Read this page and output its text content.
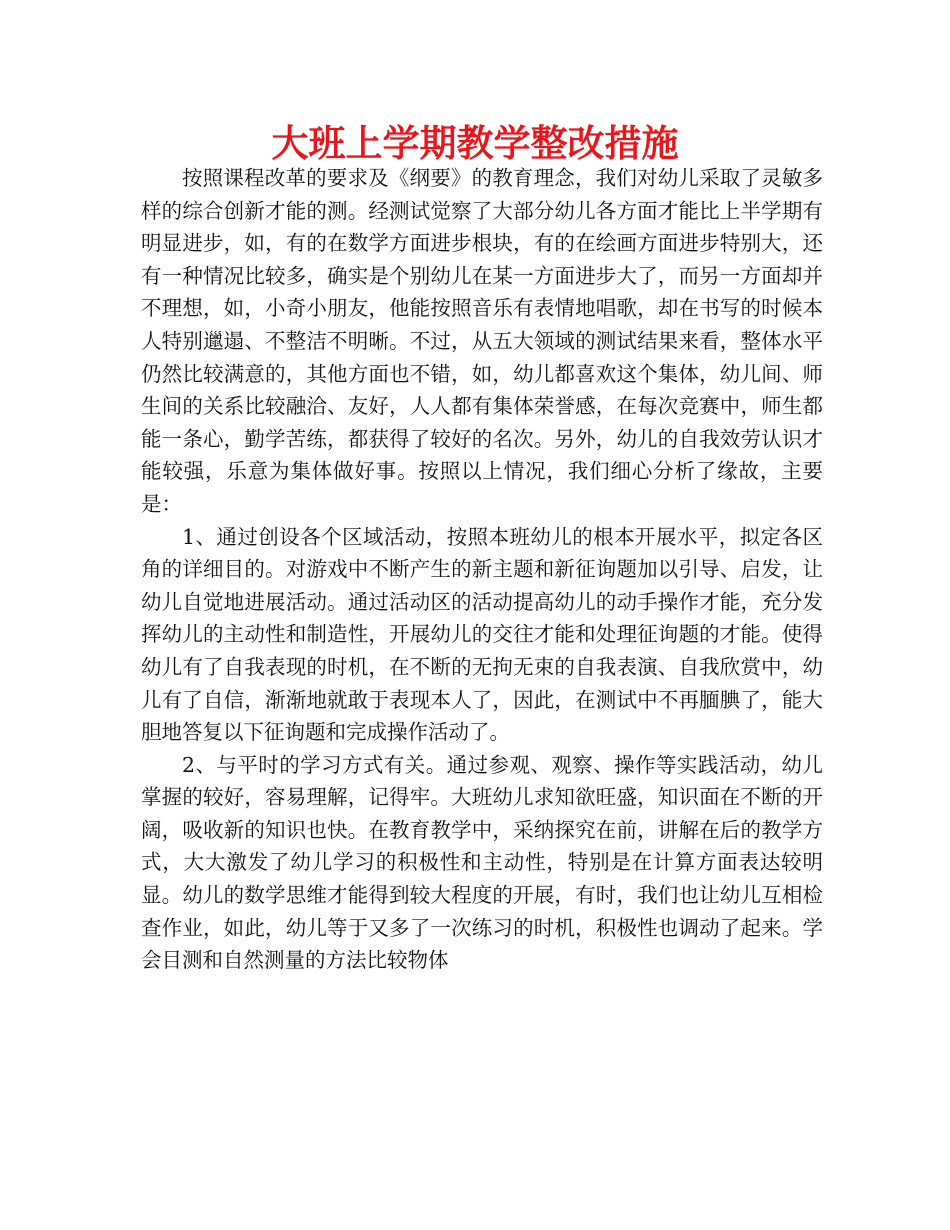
大班上学期教学整改措施

按照课程改革的要求及《纲要》的教育理念，我们对幼儿采取了灵敏多样的综合创新才能的测。经测试觉察了大部分幼儿各方面才能比上半学期有明显进步，如，有的在数学方面进步根块，有的在绘画方面进步特别大，还有一种情况比较多，确实是个别幼儿在某一方面进步大了，而另一方面却并不理想，如，小奇小朋友，他能按照音乐有表情地唱歌，却在书写的时候本人特别邋遢、不整洁不明晰。不过，从五大领域的测试结果来看，整体水平仍然比较满意的，其他方面也不错，如，幼儿都喜欢这个集体，幼儿间、师生间的关系比较融洽、友好，人人都有集体荣誉感，在每次竞赛中，师生都能一条心，勤学苦练，都获得了较好的名次。另外，幼儿的自我效劳认识才能较强，乐意为集体做好事。按照以上情况，我们细心分析了缘故，主要是：

1、通过创设各个区域活动，按照本班幼儿的根本开展水平，拟定各区角的详细目的。对游戏中不断产生的新主题和新征询题加以引导、启发，让幼儿自觉地进展活动。通过活动区的活动提高幼儿的动手操作才能，充分发挥幼儿的主动性和制造性，开展幼儿的交往才能和处理征询题的才能。使得幼儿有了自我表现的时机，在不断的无拘无束的自我表演、自我欣赏中，幼儿有了自信，渐渐地就敢于表现本人了，因此，在测试中不再腼腆了，能大胆地答复以下征询题和完成操作活动了。

2、与平时的学习方式有关。通过参观、观察、操作等实践活动，幼儿掌握的较好，容易理解，记得牢。大班幼儿求知欲旺盛，知识面在不断的开阔，吸收新的知识也快。在教育教学中，采纳探究在前，讲解在后的教学方式，大大激发了幼儿学习的积极性和主动性，特别是在计算方面表达较明显。幼儿的数学思维才能得到较大程度的开展，有时，我们也让幼儿互相检查作业，如此，幼儿等于又多了一次练习的时机，积极性也调动了起来。学会目测和自然测量的方法比较物体
